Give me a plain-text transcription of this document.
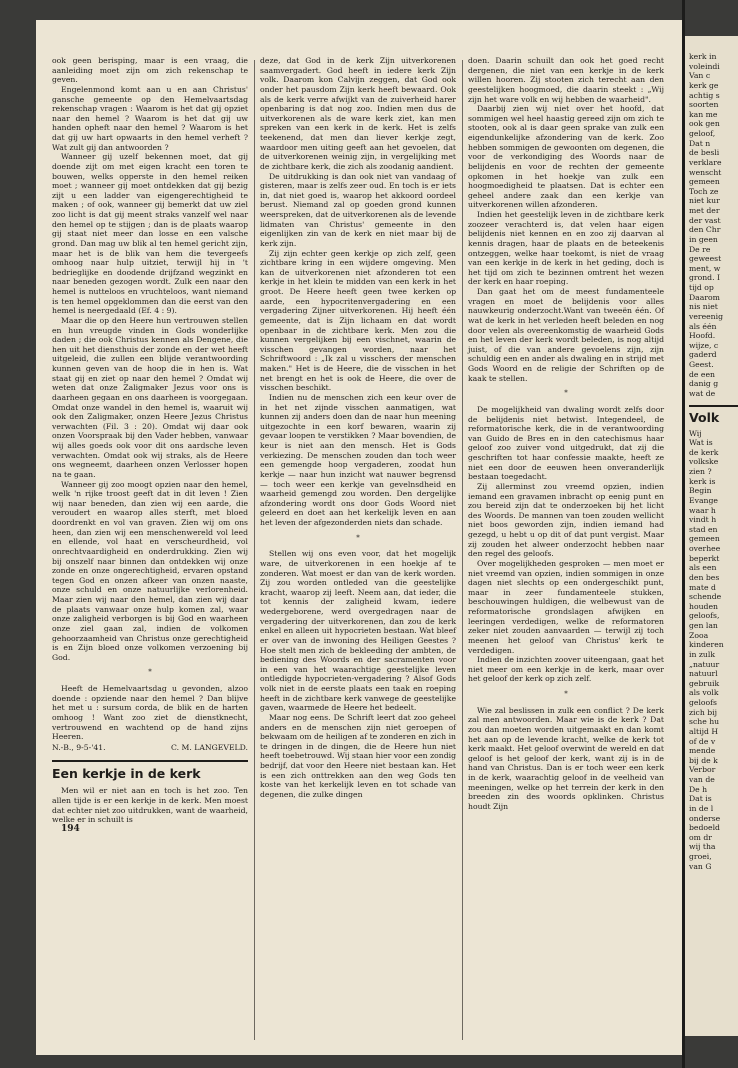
ook geen berisping, maar is een vraag, die aanleiding moet zijn om zich rekenschap te geven.

Engelenmond komt aan u en aan Christus' gansche gemeente op den Hemelvaartsdag rekenschap vragen : Waarom is het dat gij opziet naar den hemel ? Waarom is het dat gij uw handen opheft naar den hemel ? Waarom is het dat gij uw hart opwaarts in den hemel verheft ? Wat zult gij dan antwoorden ?

Wanneer gij uzelf bekennen moet, dat gij doende zijt om met eigen kracht een toren te bouwen, welks opperste in den hemel reiken moet ; wanneer gij moet ontdekken dat gij bezig zijt u een ladder van eigengerechtigheid te maken ; of ook, wanneer gij bemerkt dat uw ziel zoo licht is dat gij meent straks vanzelf wel naar den hemel op te stijgen ; dan is de plaats waarop gij staat niet meer dan losse en een valsche grond. Dan mag uw blik al ten hemel gericht zijn, maar het is de blik van hem die tevergeefs omhoog naar hulp uitziet, terwijl hij in 't bedrieglijke en doodende drijfzand wegzinkt en naar beneden gezogen wordt. Zulk een naar den hemel is nutteloos en vruchteloos, want niemand is ten hemel opgeklommen dan die eerst van den hemel is neergedaald (Ef. 4 : 9).

Maar die op den Heere hun vertrouwen stellen en hun vreugde vinden in Gods wonderlijke daden ; die ook Christus kennen als Dengene, die hen uit het diensthuis der zonde en der wet heeft uitgeleid, die zullen een blijde verantwoording kunnen geven van de hoop die in hen is. Wat staat gij en ziet op naar den hemel ? Omdat wij weten dat onze Zaligmaker Jezus voor ons is daarheen gegaan en ons daarheen is voorgegaan. Omdat onze wandel in den hemel is, waaruit wij ook den Zaligmaker, onzen Heere Jezus Christus verwachten (Fil. 3 : 20). Omdat wij daar ook onzen Voorspraak bij den Vader hebben, vanwaar wij alles goeds ook voor dit ons aardsche leven verwachten. Omdat ook wij straks, als de Heere ons wegneemt, daarheen onzen Verlosser hopen na te gaan.

Wanneer gij zoo moogt opzien naar den hemel, welk 'n rijke troost geeft dat in dit leven ! Zien wij naar beneden, dan zien wij een aarde, die veroudert en waarop alles sterft, met bloed doordrenkt en vol van graven. Zien wij om ons heen, dan zien wij een menschenwereld vol leed en ellende, vol haat en verscheurdheid, vol onrechtvaardigheid en onderdrukking. Zien wij bij onszelf naar binnen dan ontdekken wij onze zonde en onze ongerechtigheid, ervaren opstand tegen God en onzen afkeer van onzen naaste, onze schuld en onze natuurlijke verlorenheid. Maar zien wij naar den hemel, dan zien wij daar de plaats vanwaar onze hulp komen zal, waar onze zaligheid verborgen is bij God en waarheen onze ziel gaan zal, indien de volkomen gehoorzaamheid van Christus onze gerechtigheid is en Zijn bloed onze volkomen verzoening bij God.

*

Heeft de Hemelvaartsdag u gevonden, alzoo doende : opziende naar den hemel ? Dan blijve het met u : sursum corda, de blik en de harten omhoog ! Want zoo ziet de dienstknecht, vertrouwend en wachtend op de hand zijns Heeren.

N.-B., 9-5-'41.	C. M. LANGEVELD.
Een kerkje in de kerk

Men wil er niet aan en toch is het zoo. Ten allen tijde is er een kerkje in de kerk. Men moest dat echter niet zoo uitdrukken, want de waarheid, welke er in schuilt is

194

deze, dat God in de kerk Zijn uitverkorenen saamvergadert. God heeft in iedere kerk Zijn volk. Daarom kon Calvijn zeggen, dat God ook onder het pausdom Zijn kerk heeft bewaard. Ook als de kerk verre afwijkt van de zuiverheid harer openbaring is dat nog zoo. Indien men dus de uitverkorenen als de ware kerk ziet, kan men spreken van een kerk in de kerk. Het is zelfs teekenend, dat men dan liever kerkje zegt, waardoor men uiting geeft aan het gevoelen, dat de uitverkorenen weinig zijn, in vergelijking met de zichtbare kerk, die zich als zoodanig aandient.

De uitdrukking is dan ook niet van vandaag of gisteren, maar is zelfs zeer oud. En toch is er iets in, dat niet goed is, waarop het akkoord oordeel berust. Niemand zal op goeden grond kunnen weerspreken, dat de uitverkorenen als de levende lidmaten van Christus' gemeente in den eigenlijken zin van de kerk en niet maar bij de kerk zijn.

Zij zijn echter geen kerkje op zich zelf, geen zichtbare kring in een wijdere omgeving. Men kan de uitverkorenen niet afzonderen tot een kerkje in het klein te midden van een kerk in het groot. De Heere heeft geen twee kerken op aarde, een hypocritenvergadering en een vergadering Zijner uitverkorenen. Hij heeft één gemeente, dat is Zijn lichaam en dat wordt openbaar in de zichtbare kerk. Men zou die kunnen vergelijken bij een vischnet, waarin de visschen gevangen worden, naar het Schriftwoord : „Ik zal u visschers der menschen maken." Het is de Heere, die de visschen in het net brengt en het is ook de Heere, die over de visschen beschikt.

Indien nu de menschen zich een keur over de in het net zijnde visschen aanmatigen, wat kunnen zij anders doen dan de naar hun meening uitgezochte in een korf bewaren, waarin zij gevaar loopen te verstikken ? Maar bovendien, de keur is niet aan den mensch. Het is Gods verkiezing. De menschen zouden dan toch weer een gemengde hoop vergaderen, zoodat hun kerkje — naar hun inzicht wat nauwer begrensd — toch weer een kerkje van gevelnsdheid en waarheid gemengd zou worden. Den dergelijke afzondering wordt ons door Gods Woord niet geleerd en doet aan het kerkelijk leven en aan het leven der afgezonderden niets dan schade.

*

Stellen wij ons even voor, dat het mogelijk ware, de uitverkorenen in een hoekje af te zonderen. Wat moest er dan van de kerk worden. Zij zou worden ontleded van die geestelijke kracht, waarop zij leeft. Neem aan, dat ieder, die tot kennis der zaligheid kwam, iedere wedergeborene, werd overgedragen naar de vergadering der uitverkorenen, dan zou de kerk enkel en alleen uit hypocrieten bestaan. Wat bleef er over van de inwoning des Heiligen Geestes ? Hoe stelt men zich de bekleeding der ambten, de bediening des Woords en der sacramenten voor in een van het waarachtige geestelijke leven ontledigde hypocrieten-vergadering ? Alsof Gods volk niet in de eerste plaats een taak en roeping heeft in de zichtbare kerk vanwege de geestelijke gaven, waarmede de Heere het bedeelt.

Maar nog eens. De Schrift leert dat zoo geheel anders en de menschen zijn niet geroepen of bekwaam om de heiligen af te zonderen en zich in te dringen in de dingen, die de Heere hun niet heeft toebetrouwd. Wij staan hier voor een zondig bedrijf, dat voor den Heere niet bestaan kan. Het is een zich onttrekken aan den weg Gods ten koste van het kerkelijk leven en tot schade van degenen, die zulke dingen

doen. Daarin schuilt dan ook het goed recht dergenen, die niet van een kerkje in de kerk willen hooren. Zij stooten zich terecht aan den geestelijken hoogmoed, die daarin steekt : „Wij zijn het ware volk en wij hebben de waarheid".

Daarbij zien wij niet over het hoofd, dat sommigen wel heel haastig gereed zijn om zich te stooten, ook al is daar geen sprake van zulk een eigendunkelijke afzondering van de kerk. Zoo hebben sommigen de gewoonten om degenen, die voor de verkondiging des Woords naar de belijdenis en voor de rechten der gemeente opkomen in het hoekje van zulk een hoogmoedigheid te plaatsen. Dat is echter een geheel andere zaak dan een kerkje van uitverkorenen willen afzonderen.

Indien het geestelijk leven in de zichtbare kerk zoozeer verachterd is, dat velen haar eigen belijdenis niet kennen en en zoo zij daarvan al kennis dragen, haar de plaats en de beteekenis ontzeggen, welke haar toekomt, is niet de vraag van een kerkje in de kerk in het geding, doch is het tijd om zich te bezinnen omtrent het wezen der kerk en haar roeping.

Dan gaat het om de meest fundamenteele vragen en moet de belijdenis voor alles nauwkeurig onderzocht.Want van tweeën één. Of wat de kerk in het verleden heeft beleden en nog door velen als overeenkomstig de waarheid Gods en het leven der kerk wordt beleden, is nog altijd juist, of die van andere gevoelens zijn, zijn schuldig een en ander als dwaling en in strijd met Gods Woord en de religie der Schriften op de kaak te stellen.

*

De mogelijkheid van dwaling wordt zelfs door de belijdenis niet betwist. Integendeel, de reformatorische kerk, die in de verantwoording van Guido de Bres en in den catechismus haar geloof zoo zuiver vond uitgedrukt, dat zij die geschriften tot haar confessie maakte, heeft ze niet een door de eeuwen heen onveranderlijk bestaan toegedacht.

Zij allerminst zou vreemd opzien, indien iemand een gravamen inbracht op eenig punt en zou bereid zijn dat te onderzoeken bij het licht des Woords. De mannen van toen zouden wellicht niet boos geworden zijn, indien iemand had gezegd, u hebt u op dit of dat punt vergist. Maar zij zouden het alweer onderzocht hebben naar den regel des geloofs.

Over mogelijkheden gesproken — men moet er niet vreemd van opzien, indien sommigen in onze dagen niet slechts op een ondergeschikt punt, maar in zeer fundamenteele stukken, beschouwingen huldigen, die welbewust van de reformatorische grondslagen afwijken en leeringen verdedigen, welke de reformatoren zeker niet zouden aanvaarden — terwijl zij toch meenen het geloof van Christus' kerk te verdedigen.

Indien de inzichten zoover uiteengaan, gaat het niet meer om een kerkje in de kerk, maar over het geloof der kerk op zich zelf.

*

Wie zal beslissen in zulk een conflict ? De kerk zal men antwoorden. Maar wie is de kerk ? Dat zou dan moeten worden uitgemaakt en dan komt het aan op de levende kracht, welke de kerk tot kerk maakt. Het geloof overwint de wereld en dat geloof is het geloof der kerk, want zij is in de hand van Christus. Dan is er toch weer een kerk in de kerk, waarachtig geloof in de veelheid van meeningen, welke op het terrein der kerk in den breeden zin des woords opklinken. Christus houdt Zijn

kerk in
voleindi
Van c
kerk ge
achtig s
soorten
kan me
ook gen
geloof,
Dat n
de besli
verklare
wenscht
gemeen
Toch ze
niet kur
met der
der vast
den Chr
in geen
De re
geweest
ment, w
grond. I
tijd op
Daarom
nis niet
vereenig
als één
Hoofd.
wijze, c
gaderd
Geest.
de een
danig g
wat de
Volk
Wij
Wat is
de kerk
volkske
zien ?
kerk is
Begin
Evange
waar h
vindt h
stad en
gemeen
overhee
beperkt
als een
den bes
mate d
schende
houden
geloofs,
gen lan
Zooa
kinderen
in zulk
„natuur
natuurl
gebruik
als volk
geloofs
zich bij
sche hu
altijd H
of de v
mende
bij de k
Verbor
van de
De h
Dat is
in de l
onderse
bedoeld
om dr
wij tha
groei,
van G
